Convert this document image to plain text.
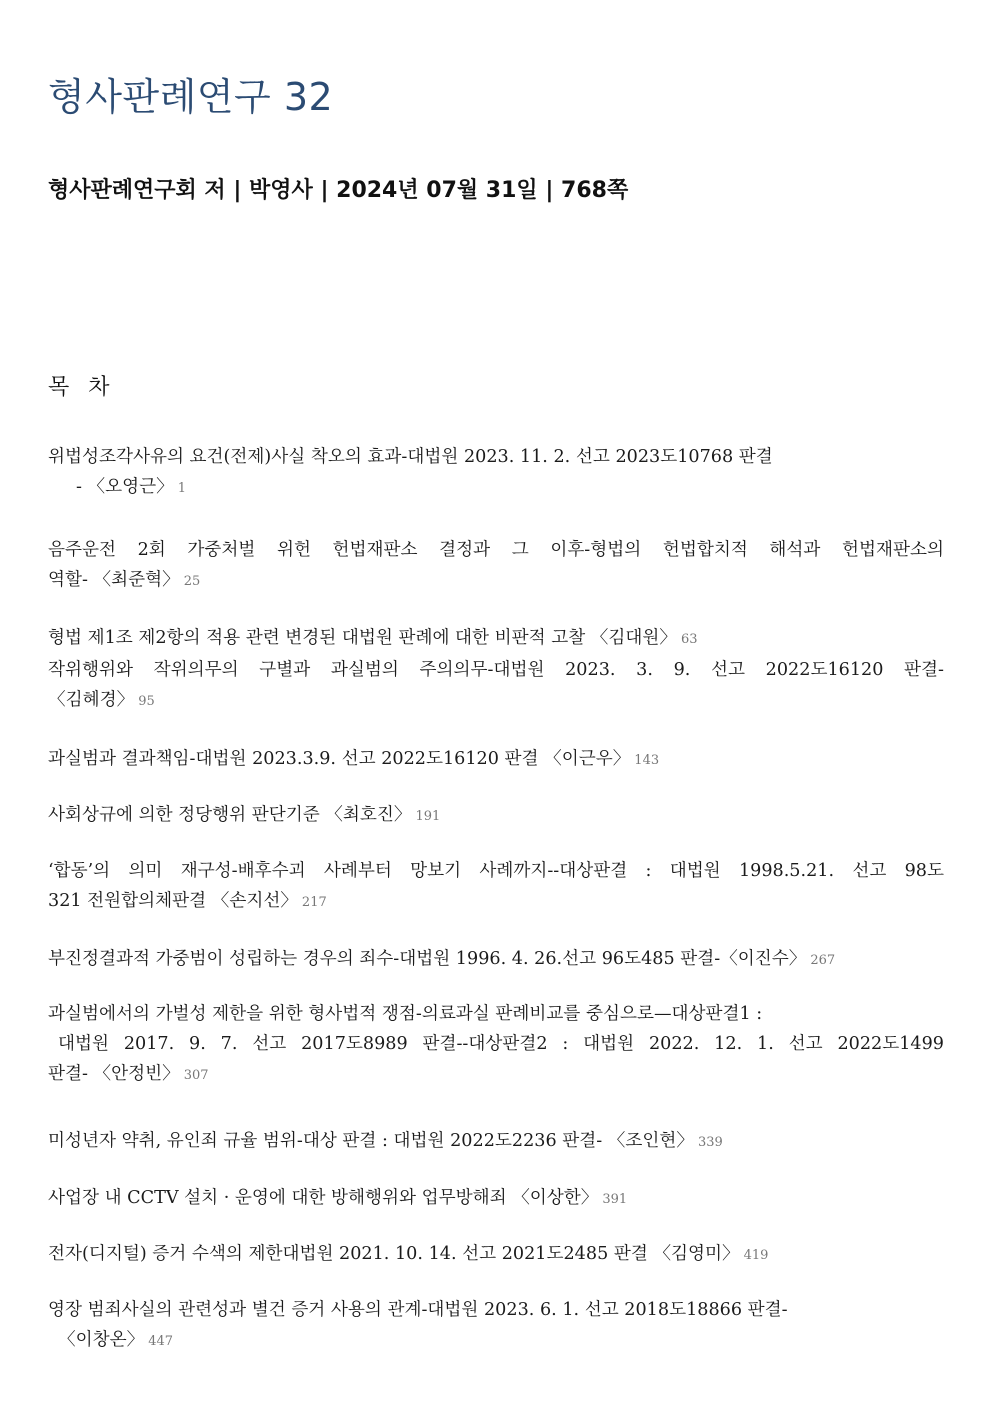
형사판례연구 32
형사판례연구회 저 | 박영사 | 2024년 07월 31일 | 768쪽
목 차
위법성조각사유의 요건(전제)사실 착오의 효과-대법원 2023. 11. 2. 선고 2023도10768 판결
- 〈오영근〉 1
음주운전 2회 가중처벌 위헌 헌법재판소 결정과 그 이후-형법의 헌법합치적 해석과 헌법재판소의
역할- 〈최준혁〉 25
형법 제1조 제2항의 적용 관련 변경된 대법원 판례에 대한 비판적 고찰 〈김대원〉 63
작위행위와 작위의무의 구별과 과실범의 주의의무-대법원 2023. 3. 9. 선고 2022도16120 판결-
〈김혜경〉 95
과실범과 결과책임-대법원 2023.3.9. 선고 2022도16120 판결 〈이근우〉 143
사회상규에 의한 정당행위 판단기준 〈최호진〉 191
‘합동’의 의미 재구성-배후수괴 사례부터 망보기 사례까지--대상판결 : 대법원 1998.5.21. 선고 98도
321 전원합의체판결 〈손지선〉 217
부진정결과적 가중범이 성립하는 경우의 죄수-대법원 1996. 4. 26.선고 96도485 판결-〈이진수〉 267
과실범에서의 가벌성 제한을 위한 형사법적 쟁점-의료과실 판례비교를 중심으로—대상판결1 :
대법원 2017. 9. 7. 선고 2017도8989 판결--대상판결2 : 대법원 2022. 12. 1. 선고 2022도1499
판결- 〈안정빈〉 307
미성년자 약취, 유인죄 규율 범위-대상 판결 : 대법원 2022도2236 판결- 〈조인현〉 339
사업장 내 CCTV 설치 · 운영에 대한 방해행위와 업무방해죄 〈이상한〉 391
전자(디지털) 증거 수색의 제한대법원 2021. 10. 14. 선고 2021도2485 판결 〈김영미〉 419
영장 범죄사실의 관련성과 별건 증거 사용의 관계-대법원 2023. 6. 1. 선고 2018도18866 판결-
〈이창온〉 447
